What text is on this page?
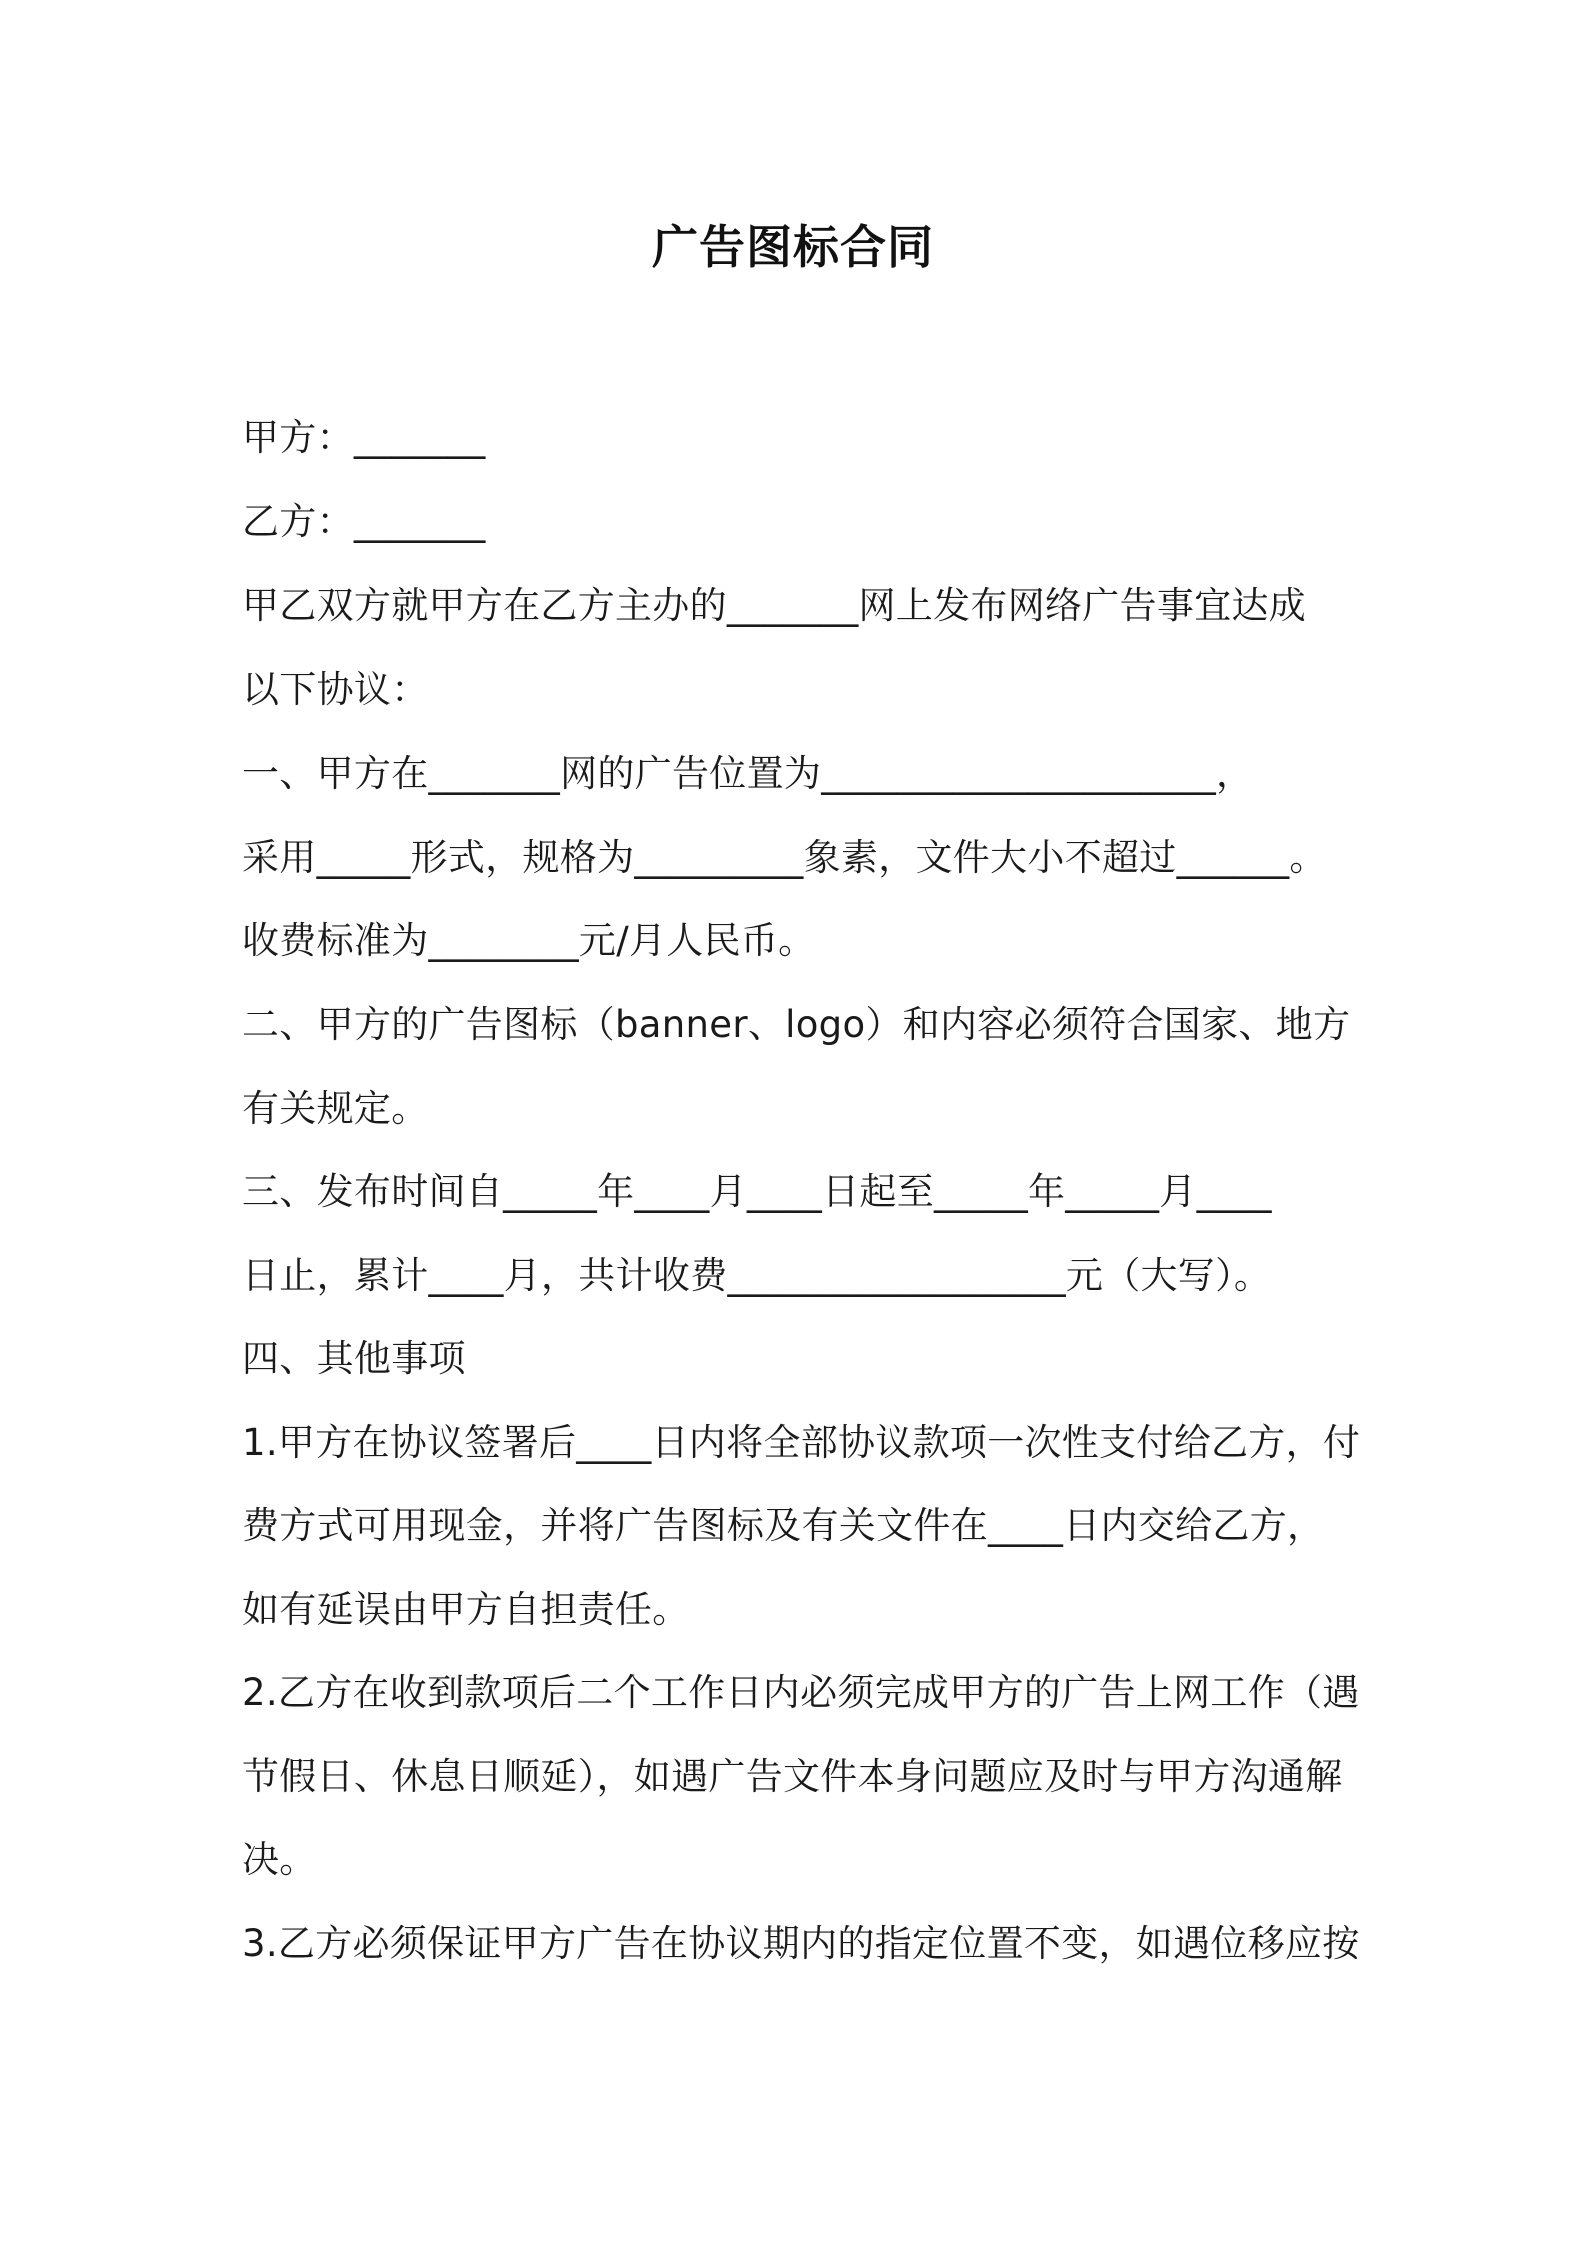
广告图标合同
甲方：_______
乙方：_______
甲乙双方就甲方在乙方主办的_______网上发布网络广告事宜达成
以下协议：
一、甲方在_______网的广告位置为_____________________，
采用_____形式，规格为_________象素，文件大小不超过______。
收费标准为________元/月人民币。
二、甲方的广告图标（banner、logo）和内容必须符合国家、地方
有关规定。
三、发布时间自_____年____月____日起至_____年_____月____
日止，累计____月，共计收费__________________元（大写）。
四、其他事项
1.甲方在协议签署后____日内将全部协议款项一次性支付给乙方，付
费方式可用现金，并将广告图标及有关文件在____日内交给乙方，
如有延误由甲方自担责任。
2.乙方在收到款项后二个工作日内必须完成甲方的广告上网工作（遇
节假日、休息日顺延），如遇广告文件本身问题应及时与甲方沟通解
决。
3.乙方必须保证甲方广告在协议期内的指定位置不变，如遇位移应按
